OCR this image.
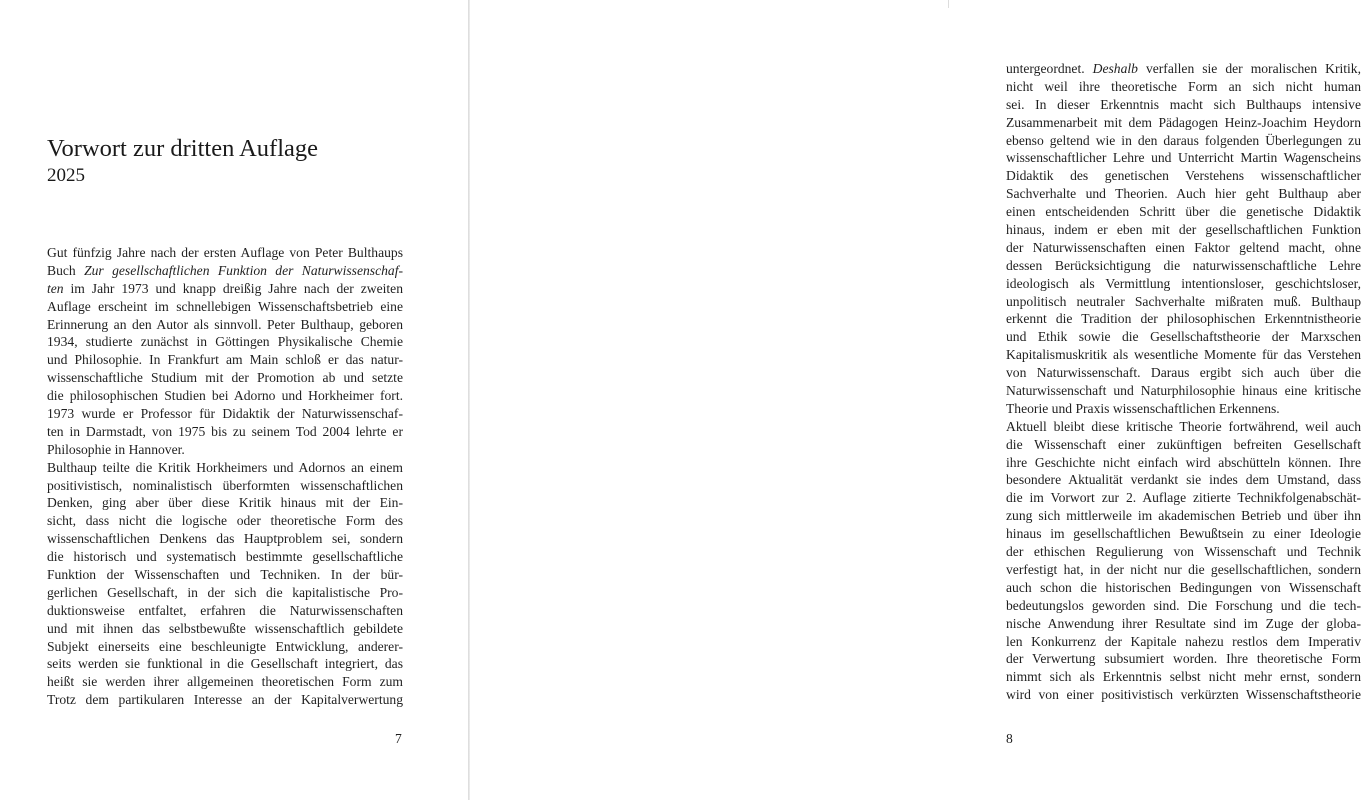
Vorwort zur dritten Auflage
2025
Gut fünfzig Jahre nach der ersten Auflage von Peter Bulthaups
Buch Zur gesellschaftlichen Funktion der Naturwissenschaf-
ten im Jahr 1973 und knapp dreißig Jahre nach der zweiten
Auflage erscheint im schnellebigen Wissenschaftsbetrieb eine
Erinnerung an den Autor als sinnvoll. Peter Bulthaup, geboren
1934, studierte zunächst in Göttingen Physikalische Chemie
und Philosophie. In Frankfurt am Main schloß er das natur-
wissenschaftliche Studium mit der Promotion ab und setzte
die philosophischen Studien bei Adorno und Horkheimer fort.
1973 wurde er Professor für Didaktik der Naturwissenschaf-
ten in Darmstadt, von 1975 bis zu seinem Tod 2004 lehrte er
Philosophie in Hannover.
Bulthaup teilte die Kritik Horkheimers und Adornos an einem
positivistisch, nominalistisch überformten wissenschaftlichen
Denken, ging aber über diese Kritik hinaus mit der Ein-
sicht, dass nicht die logische oder theoretische Form des
wissenschaftlichen Denkens das Hauptproblem sei, sondern
die historisch und systematisch bestimmte gesellschaftliche
Funktion der Wissenschaften und Techniken. In der bür-
gerlichen Gesellschaft, in der sich die kapitalistische Pro-
duktionsweise entfaltet, erfahren die Naturwissenschaften
und mit ihnen das selbstbewußte wissenschaftlich gebildete
Subjekt einerseits eine beschleunigte Entwicklung, anderer-
seits werden sie funktional in die Gesellschaft integriert, das
heißt sie werden ihrer allgemeinen theoretischen Form zum
Trotz dem partikularen Interesse an der Kapitalverwertung
7
untergeordnet. Deshalb verfallen sie der moralischen Kritik,
nicht weil ihre theoretische Form an sich nicht human
sei. In dieser Erkenntnis macht sich Bulthaups intensive
Zusammenarbeit mit dem Pädagogen Heinz-Joachim Heydorn
ebenso geltend wie in den daraus folgenden Überlegungen zu
wissenschaftlicher Lehre und Unterricht Martin Wagenscheins
Didaktik des genetischen Verstehens wissenschaftlicher
Sachverhalte und Theorien. Auch hier geht Bulthaup aber
einen entscheidenden Schritt über die genetische Didaktik
hinaus, indem er eben mit der gesellschaftlichen Funktion
der Naturwissenschaften einen Faktor geltend macht, ohne
dessen Berücksichtigung die naturwissenschaftliche Lehre
ideologisch als Vermittlung intentionsloser, geschichtsloser,
unpolitisch neutraler Sachverhalte mißraten muß. Bulthaup
erkennt die Tradition der philosophischen Erkenntnistheorie
und Ethik sowie die Gesellschaftstheorie der Marxschen
Kapitalismuskritik als wesentliche Momente für das Verstehen
von Naturwissenschaft. Daraus ergibt sich auch über die
Naturwissenschaft und Naturphilosophie hinaus eine kritische
Theorie und Praxis wissenschaftlichen Erkennens.
Aktuell bleibt diese kritische Theorie fortwährend, weil auch
die Wissenschaft einer zukünftigen befreiten Gesellschaft
ihre Geschichte nicht einfach wird abschütteln können. Ihre
besondere Aktualität verdankt sie indes dem Umstand, dass
die im Vorwort zur 2. Auflage zitierte Technikfolgenabschät-
zung sich mittlerweile im akademischen Betrieb und über ihn
hinaus im gesellschaftlichen Bewußtsein zu einer Ideologie
der ethischen Regulierung von Wissenschaft und Technik
verfestigt hat, in der nicht nur die gesellschaftlichen, sondern
auch schon die historischen Bedingungen von Wissenschaft
bedeutungslos geworden sind. Die Forschung und die tech-
nische Anwendung ihrer Resultate sind im Zuge der globa-
len Konkurrenz der Kapitale nahezu restlos dem Imperativ
der Verwertung subsumiert worden. Ihre theoretische Form
nimmt sich als Erkenntnis selbst nicht mehr ernst, sondern
wird von einer positivistisch verkürzten Wissenschaftstheorie
8
